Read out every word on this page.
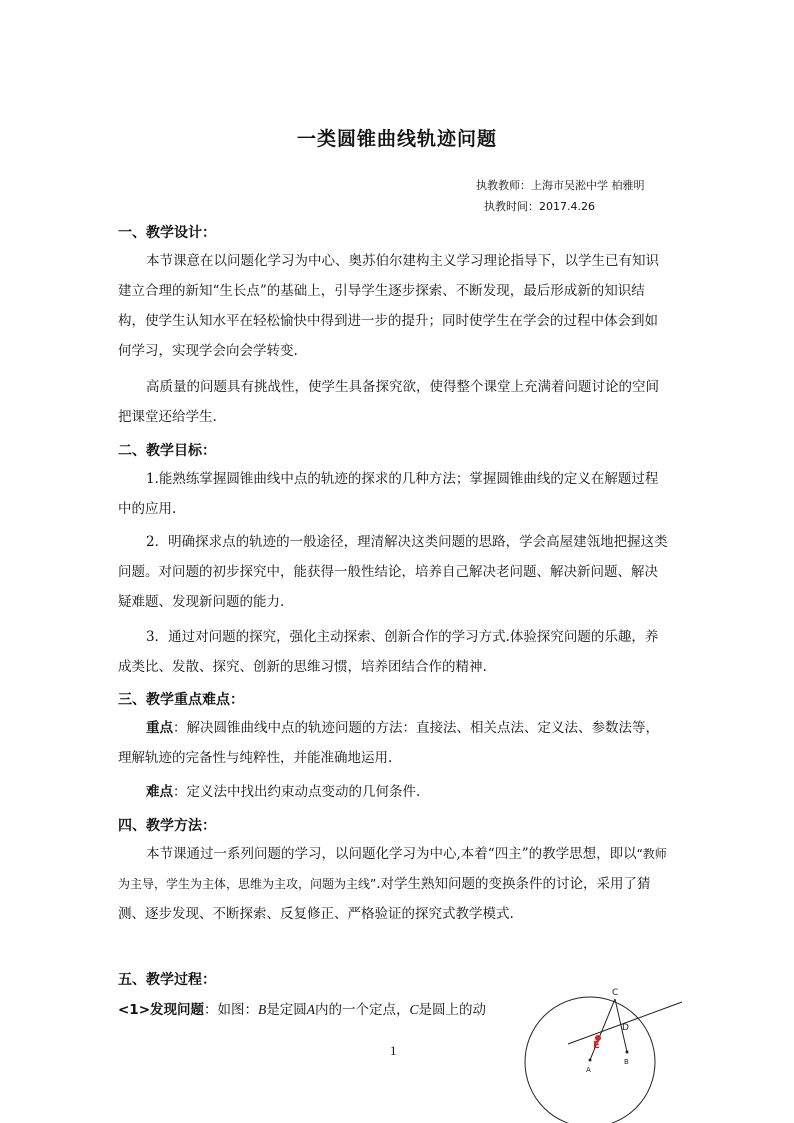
一类圆锥曲线轨迹问题
执教教师：上海市吴淞中学 柏雅明
执教时间：2017.4.26
一、教学设计：
本节课意在以问题化学习为中心、奥苏伯尔建构主义学习理论指导下，以学生已有知识建立合理的新知“生长点”的基础上，引导学生逐步探索、不断发现，最后形成新的知识结构，使学生认知水平在轻松愉快中得到进一步的提升；同时使学生在学会的过程中体会到如何学习，实现学会向会学转变.
高质量的问题具有挑战性，使学生具备探究欲，使得整个课堂上充满着问题讨论的空间把课堂还给学生.
二、教学目标：
1.能熟练掌握圆锥曲线中点的轨迹的探求的几种方法；掌握圆锥曲线的定义在解题过程中的应用.
2．明确探求点的轨迹的一般途径，理清解决这类问题的思路，学会高屋建瓴地把握这类问题。对问题的初步探究中，能获得一般性结论，培养自己解决老问题、解决新问题、解决疑难题、发现新问题的能力.
3．通过对问题的探究，强化主动探索、创新合作的学习方式.体验探究问题的乐趣，养成类比、发散、探究、创新的思维习惯，培养团结合作的精神.
三、教学重点难点：
重点：解决圆锥曲线中点的轨迹问题的方法：直接法、相关点法、定义法、参数法等，理解轨迹的完备性与纯粹性，并能准确地运用.
难点：定义法中找出约束动点变动的几何条件.
四、教学方法：
本节课通过一系列问题的学习，以问题化学习为中心,本着“四主”的教学思想，即以“教师为主导，学生为主体，思维为主攻，问题为主线”.对学生熟知问题的变换条件的讨论，采用了猜测、逐步发现、不断探索、反复修正、严格验证的探究式教学模式.
五、教学过程：
<1>发现问题：如图：B是定圆A内的一个定点，C是圆上的动
1
C
D
E
A
B
